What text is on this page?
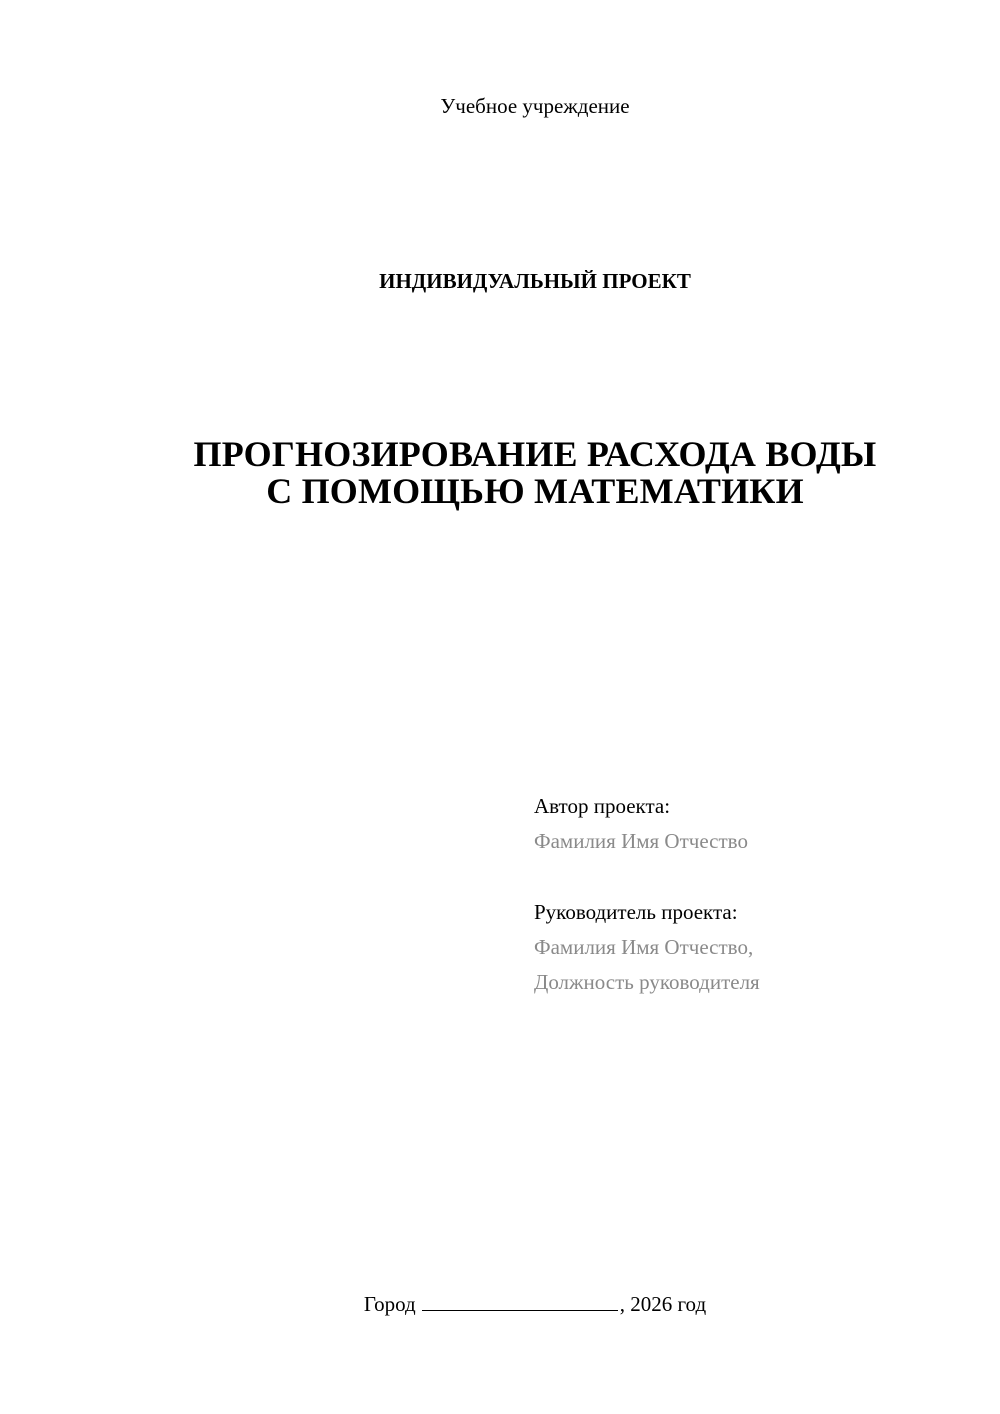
Учебное учреждение
ИНДИВИДУАЛЬНЫЙ ПРОЕКТ
ПРОГНОЗИРОВАНИЕ РАСХОДА ВОДЫ
С ПОМОЩЬЮ МАТЕМАТИКИ
Автор проекта:
Фамилия Имя Отчество
Руководитель проекта:
Фамилия Имя Отчество,
Должность руководителя
Город	, 2026 год
